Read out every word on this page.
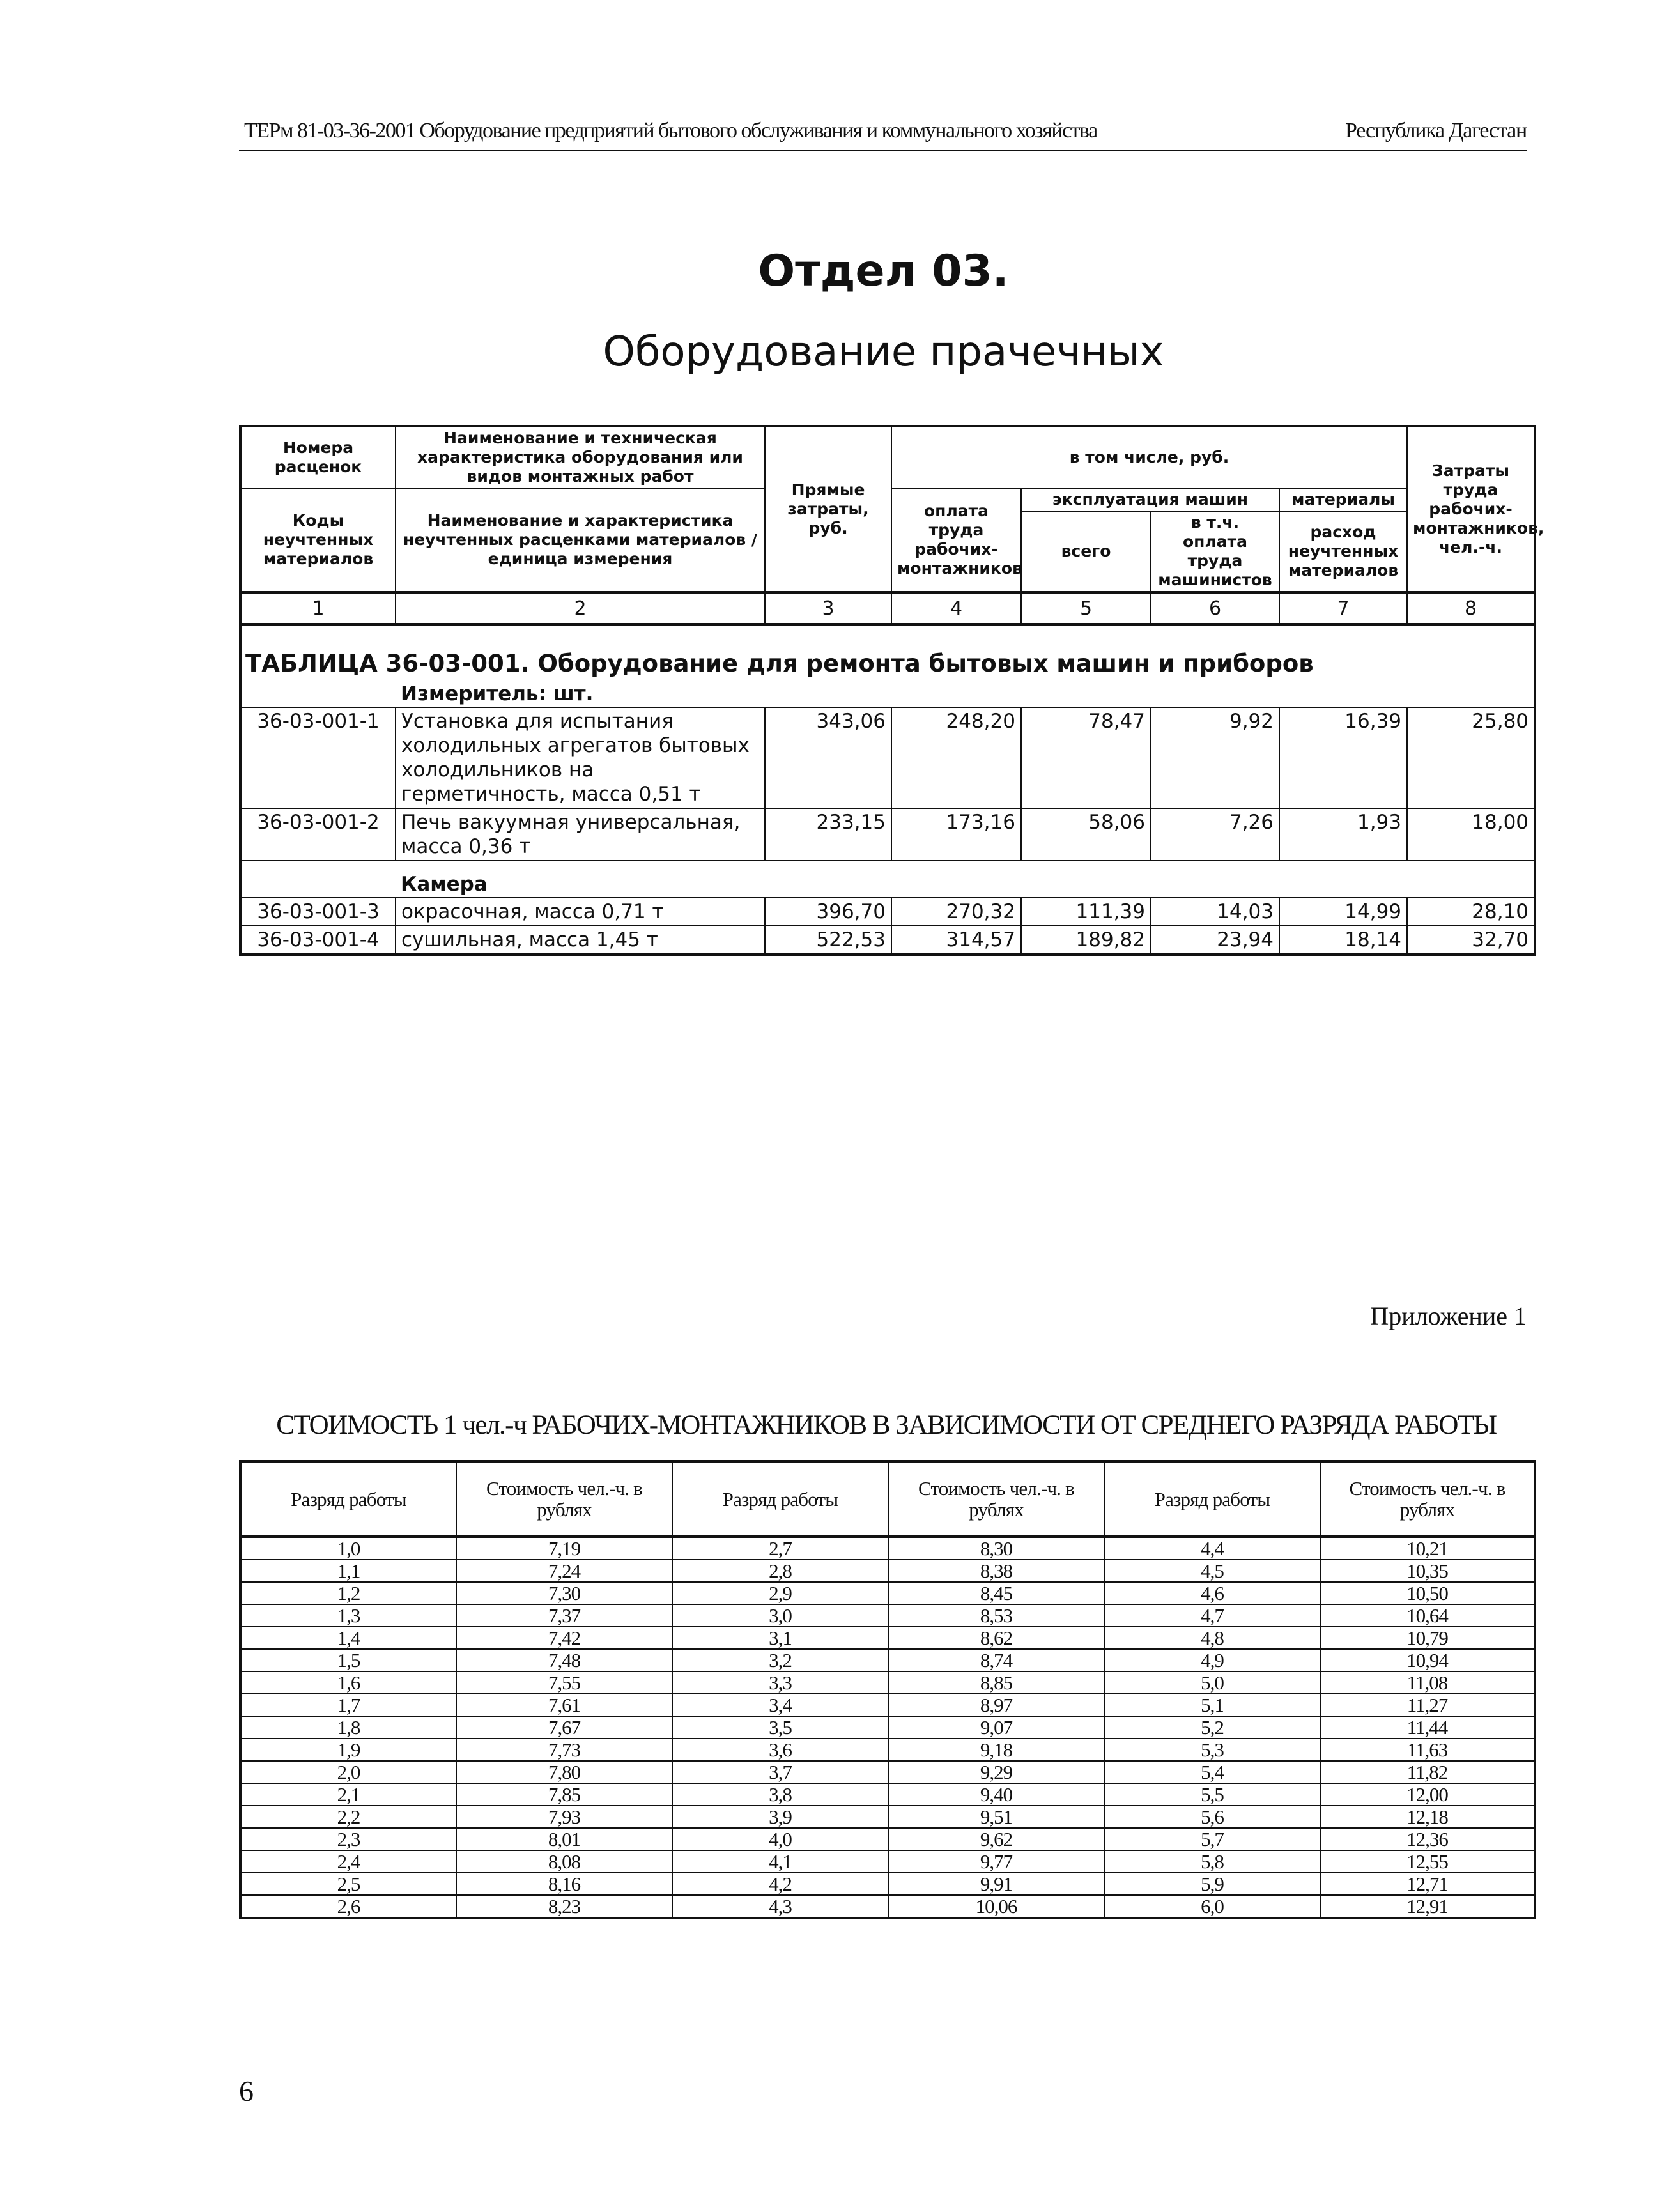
ТЕРм 81-03-36-2001 Оборудование предприятий бытового обслуживания и коммунального хозяйства	Республика Дагестан
Отдел 03.
Оборудование прачечных
Номера расценок	Наименование и техническая характеристика оборудования или видов монтажных работ	Прямые затраты, руб.	в том числе, руб.				Затраты труда рабочих-монтажников, чел.-ч.
Коды неучтенных материалов	Наименование и характеристика неучтенных расценками материалов / единица измерения		оплата труда рабочих-монтажников	эксплуатация машин		материалы	
				всего	в т.ч. оплата труда машинистов	расход неучтенных материалов	
1	2	3	4	5	6	7	8
ТАБЛИЦА 36-03-001. Оборудование для ремонта бытовых машин и приборов							
	Измеритель: шт.						
36-03-001-1	Установка для испытания холодильных агрегатов бытовых холодильников на герметичность, масса 0,51 т	343,06	248,20	78,47	9,92	16,39	25,80
36-03-001-2	Печь вакуумная универсальная, масса 0,36 т	233,15	173,16	58,06	7,26	1,93	18,00
	Камера						
36-03-001-3	окрасочная, масса 0,71 т	396,70	270,32	111,39	14,03	14,99	28,10
36-03-001-4	сушильная, масса 1,45 т	522,53	314,57	189,82	23,94	18,14	32,70
Приложение 1
СТОИМОСТЬ 1 чел.-ч РАБОЧИХ-МОНТАЖНИКОВ В ЗАВИСИМОСТИ ОТ СРЕДНЕГО РАЗРЯДА РАБОТЫ
Разряд работы	Стоимость чел.-ч. в рублях	Разряд работы	Стоимость чел.-ч. в рублях	Разряд работы	Стоимость чел.-ч. в рублях
1,0	7,19	2,7	8,30	4,4	10,21
1,1	7,24	2,8	8,38	4,5	10,35
1,2	7,30	2,9	8,45	4,6	10,50
1,3	7,37	3,0	8,53	4,7	10,64
1,4	7,42	3,1	8,62	4,8	10,79
1,5	7,48	3,2	8,74	4,9	10,94
1,6	7,55	3,3	8,85	5,0	11,08
1,7	7,61	3,4	8,97	5,1	11,27
1,8	7,67	3,5	9,07	5,2	11,44
1,9	7,73	3,6	9,18	5,3	11,63
2,0	7,80	3,7	9,29	5,4	11,82
2,1	7,85	3,8	9,40	5,5	12,00
2,2	7,93	3,9	9,51	5,6	12,18
2,3	8,01	4,0	9,62	5,7	12,36
2,4	8,08	4,1	9,77	5,8	12,55
2,5	8,16	4,2	9,91	5,9	12,71
2,6	8,23	4,3	10,06	6,0	12,91
6
